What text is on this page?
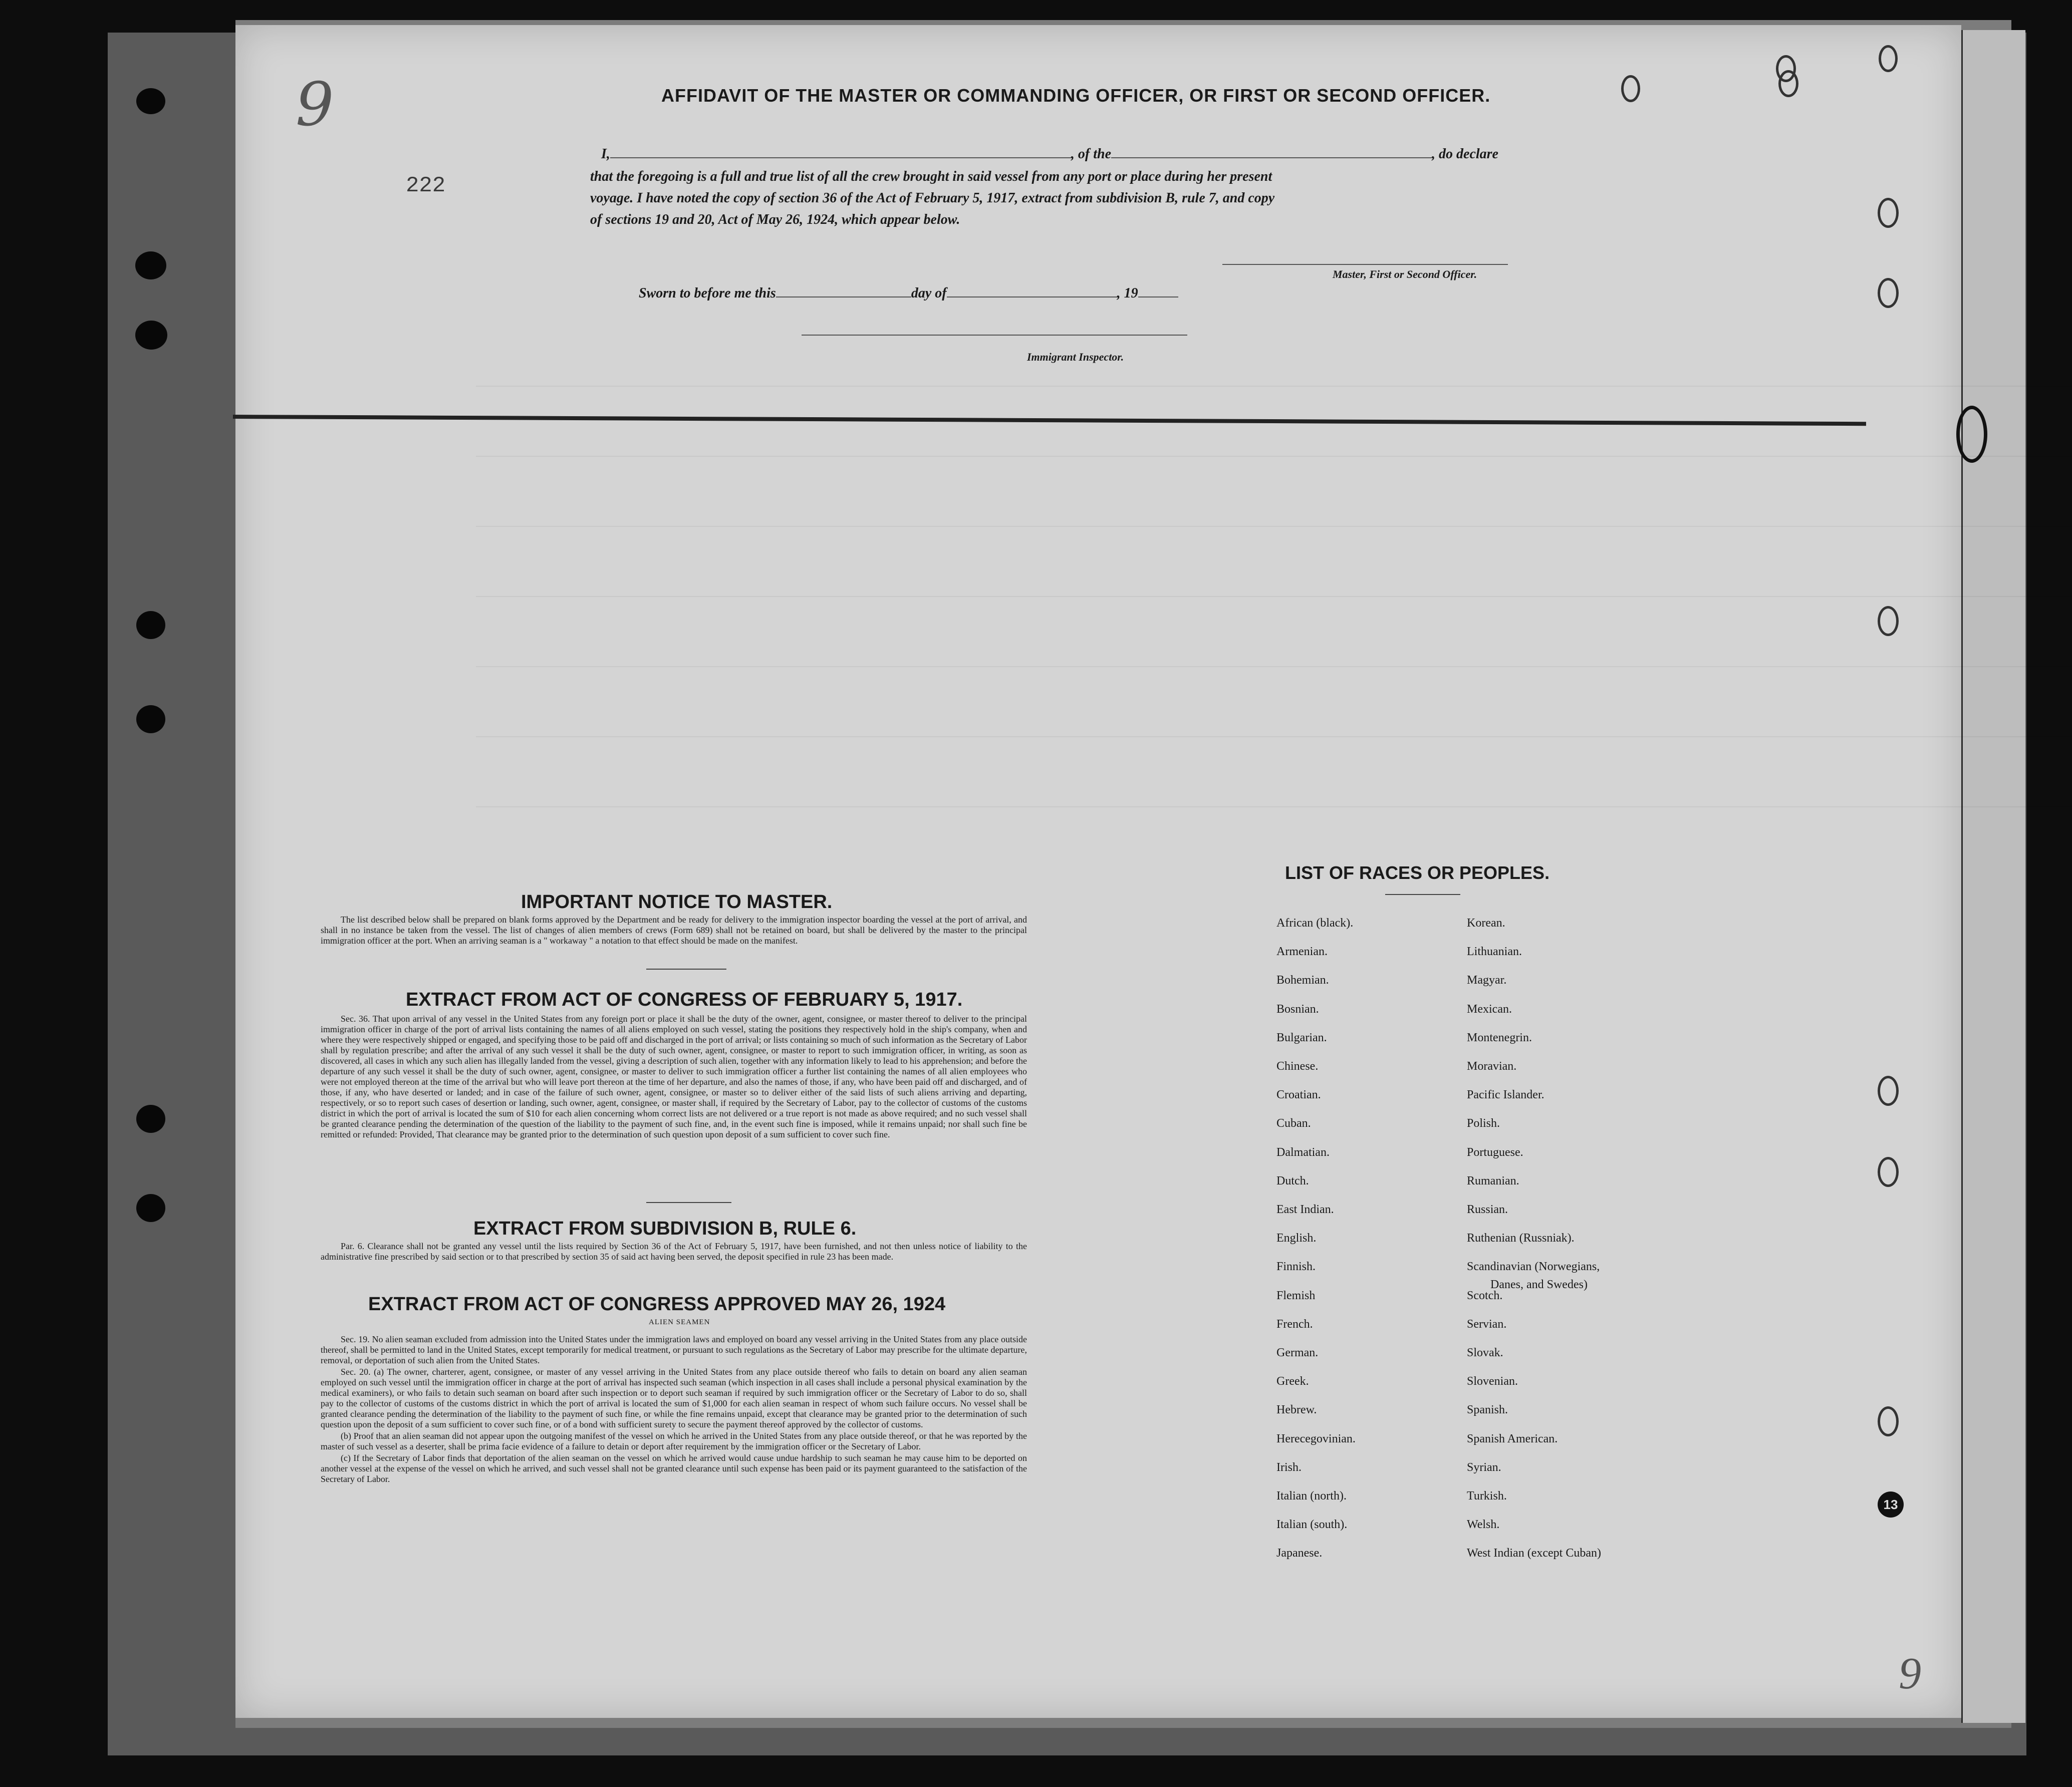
9
222
9
13
AFFIDAVIT OF THE MASTER OR COMMANDING OFFICER, OR FIRST OR SECOND OFFICER.
I,	, of the	, do declare
that the foregoing is a full and true list of all the crew brought in said vessel from any port or place during her present
voyage. I have noted the copy of section 36 of the Act of February 5, 1917, extract from subdivision B, rule 7, and copy
of sections 19 and 20, Act of May 26, 1924, which appear below.
Master, First or Second Officer.
Sworn to before me this	day of	, 19
Immigrant Inspector.
IMPORTANT NOTICE TO MASTER.

The list described below shall be prepared on blank forms approved by the Department and be ready for delivery to the immigration inspector boarding the vessel at the port of arrival, and shall in no instance be taken from the vessel. The list of changes of alien members of crews (Form 689) shall not be retained on board, but shall be delivered by the master to the principal immigration officer at the port. When an arriving seaman is a " workaway " a notation to that effect should be made on the manifest.

EXTRACT FROM ACT OF CONGRESS OF FEBRUARY 5, 1917.

Sec. 36. That upon arrival of any vessel in the United States from any foreign port or place it shall be the duty of the owner, agent, consignee, or master thereof to deliver to the principal immigration officer in charge of the port of arrival lists containing the names of all aliens employed on such vessel, stating the positions they respectively hold in the ship's company, when and where they were respectively shipped or engaged, and specifying those to be paid off and discharged in the port of arrival; or lists containing so much of such information as the Secretary of Labor shall by regulation prescribe; and after the arrival of any such vessel it shall be the duty of such owner, agent, consignee, or master to report to such immigration officer, in writing, as soon as discovered, all cases in which any such alien has illegally landed from the vessel, giving a description of such alien, together with any information likely to lead to his apprehension; and before the departure of any such vessel it shall be the duty of such owner, agent, consignee, or master to deliver to such immigration officer a further list containing the names of all alien employees who were not employed thereon at the time of the arrival but who will leave port thereon at the time of her departure, and also the names of those, if any, who have been paid off and discharged, and of those, if any, who have deserted or landed; and in case of the failure of such owner, agent, consignee, or master so to deliver either of the said lists of such aliens arriving and departing, respectively, or so to report such cases of desertion or landing, such owner, agent, consignee, or master shall, if required by the Secretary of Labor, pay to the collector of customs of the customs district in which the port of arrival is located the sum of $10 for each alien concerning whom correct lists are not delivered or a true report is not made as above required; and no such vessel shall be granted clearance pending the determination of the question of the liability to the payment of such fine, and, in the event such fine is imposed, while it remains unpaid; nor shall such fine be remitted or refunded: Provided, That clearance may be granted prior to the determination of such question upon deposit of a sum sufficient to cover such fine.

EXTRACT FROM SUBDIVISION B, RULE 6.

Par. 6. Clearance shall not be granted any vessel until the lists required by Section 36 of the Act of February 5, 1917, have been furnished, and not then unless notice of liability to the administrative fine prescribed by said section or to that prescribed by section 35 of said act having been served, the deposit specified in rule 23 has been made.

EXTRACT FROM ACT OF CONGRESS APPROVED MAY 26, 1924
ALIEN SEAMEN

Sec. 19. No alien seaman excluded from admission into the United States under the immigration laws and employed on board any vessel arriving in the United States from any place outside thereof, shall be permitted to land in the United States, except temporarily for medical treatment, or pursuant to such regulations as the Secretary of Labor may prescribe for the ultimate departure, removal, or deportation of such alien from the United States.

Sec. 20. (a) The owner, charterer, agent, consignee, or master of any vessel arriving in the United States from any place outside thereof who fails to detain on board any alien seaman employed on such vessel until the immigration officer in charge at the port of arrival has inspected such seaman (which inspection in all cases shall include a personal physical examination by the medical examiners), or who fails to detain such seaman on board after such inspection or to deport such seaman if required by such immigration officer or the Secretary of Labor to do so, shall pay to the collector of customs of the customs district in which the port of arrival is located the sum of $1,000 for each alien seaman in respect of whom such failure occurs. No vessel shall be granted clearance pending the determination of the liability to the payment of such fine, or while the fine remains unpaid, except that clearance may be granted prior to the determination of such question upon the deposit of a sum sufficient to cover such fine, or of a bond with sufficient surety to secure the payment thereof approved by the collector of customs.

(b) Proof that an alien seaman did not appear upon the outgoing manifest of the vessel on which he arrived in the United States from any place outside thereof, or that he was reported by the master of such vessel as a deserter, shall be prima facie evidence of a failure to detain or deport after requirement by the immigration officer or the Secretary of Labor.

(c) If the Secretary of Labor finds that deportation of the alien seaman on the vessel on which he arrived would cause undue hardship to such seaman he may cause him to be deported on another vessel at the expense of the vessel on which he arrived, and such vessel shall not be granted clearance until such expense has been paid or its payment guaranteed to the satisfaction of the Secretary of Labor.

LIST OF RACES OR PEOPLES.
African (black).
Armenian.
Bohemian.
Bosnian.
Bulgarian.
Chinese.
Croatian.
Cuban.
Dalmatian.
Dutch.
East Indian.
English.
Finnish.
Flemish
French.
German.
Greek.
Hebrew.
Herecegovinian.
Irish.
Italian (north).
Italian (south).
Japanese.
Korean.
Lithuanian.
Magyar.
Mexican.
Montenegrin.
Moravian.
Pacific Islander.
Polish.
Portuguese.
Rumanian.
Russian.
Ruthenian (Russniak).
Scandinavian (Norwegians,
Scotch.
Servian.
Slovak.
Slovenian.
Spanish.
Spanish American.
Syrian.
Turkish.
Welsh.
West Indian (except Cuban)
Danes, and Swedes)
